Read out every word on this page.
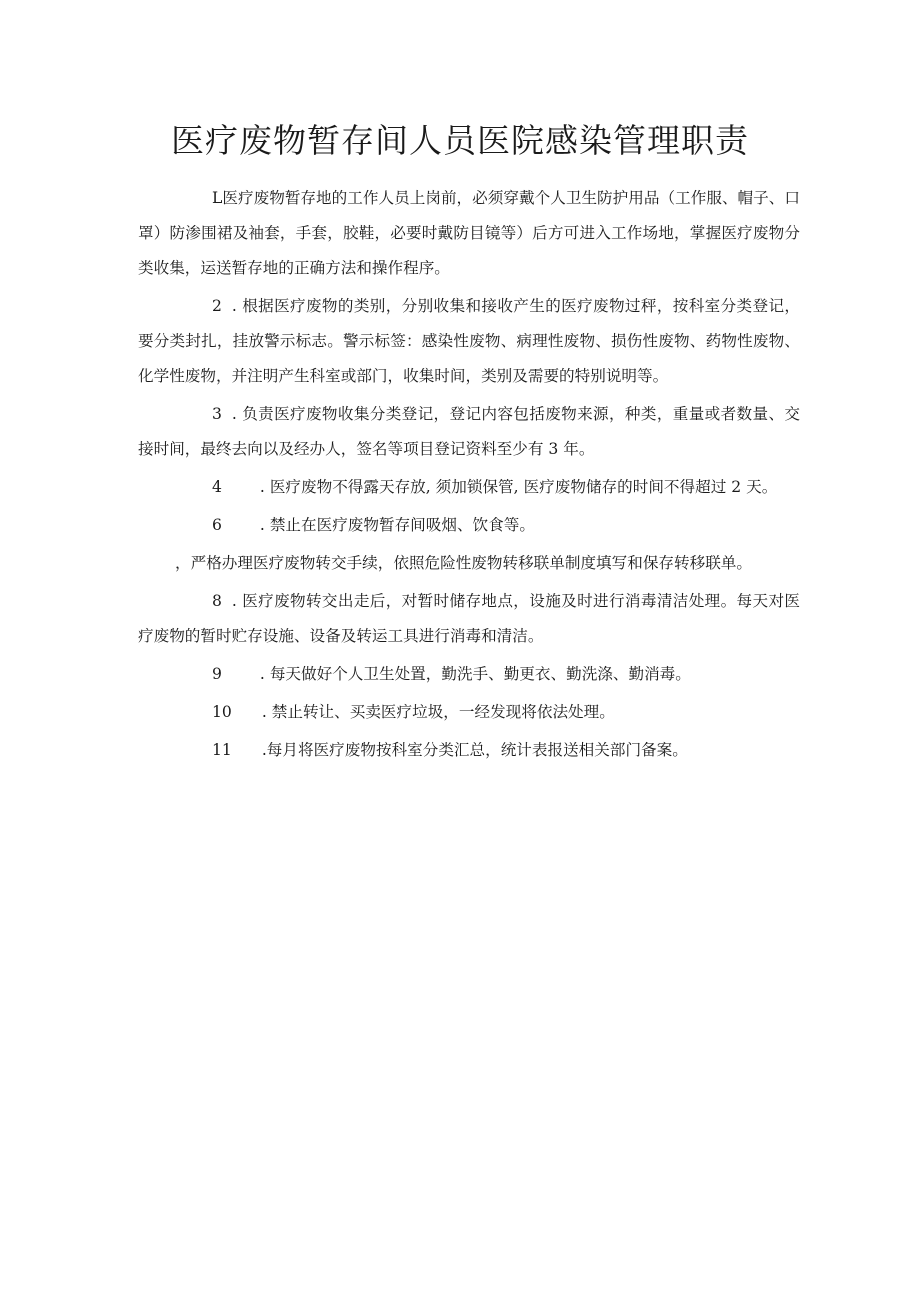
医疗废物暂存间人员医院感染管理职责

L医疗废物暂存地的工作人员上岗前，必须穿戴个人卫生防护用品（工作服、帽子、口罩）防渗围裙及袖套，手套，胶鞋，必要时戴防目镜等）后方可进入工作场地，掌握医疗废物分类收集，运送暂存地的正确方法和操作程序。

2 . 根据医疗废物的类别，分别收集和接收产生的医疗废物过秤，按科室分类登记，要分类封扎，挂放警示标志。警示标签：感染性废物、病理性废物、损伤性废物、药物性废物、化学性废物，并注明产生科室或部门，收集时间，类别及需要的特别说明等。

3 . 负责医疗废物收集分类登记，登记内容包括废物来源，种类，重量或者数量、交接时间，最终去向以及经办人，签名等项目登记资料至少有 3 年。

4 . 医疗废物不得露天存放, 须加锁保管, 医疗废物储存的时间不得超过 2 天。

6 . 禁止在医疗废物暂存间吸烟、饮食等。

，严格办理医疗废物转交手续，依照危险性废物转移联单制度填写和保存转移联单。

8 . 医疗废物转交出走后，对暂时储存地点，设施及时进行消毒清洁处理。每天对医疗废物的暂时贮存设施、设备及转运工具进行消毒和清洁。

9 . 每天做好个人卫生处置，勤洗手、勤更衣、勤洗涤、勤消毒。

10 . 禁止转让、买卖医疗垃圾，一经发现将依法处理。

11 .每月将医疗废物按科室分类汇总，统计表报送相关部门备案。
